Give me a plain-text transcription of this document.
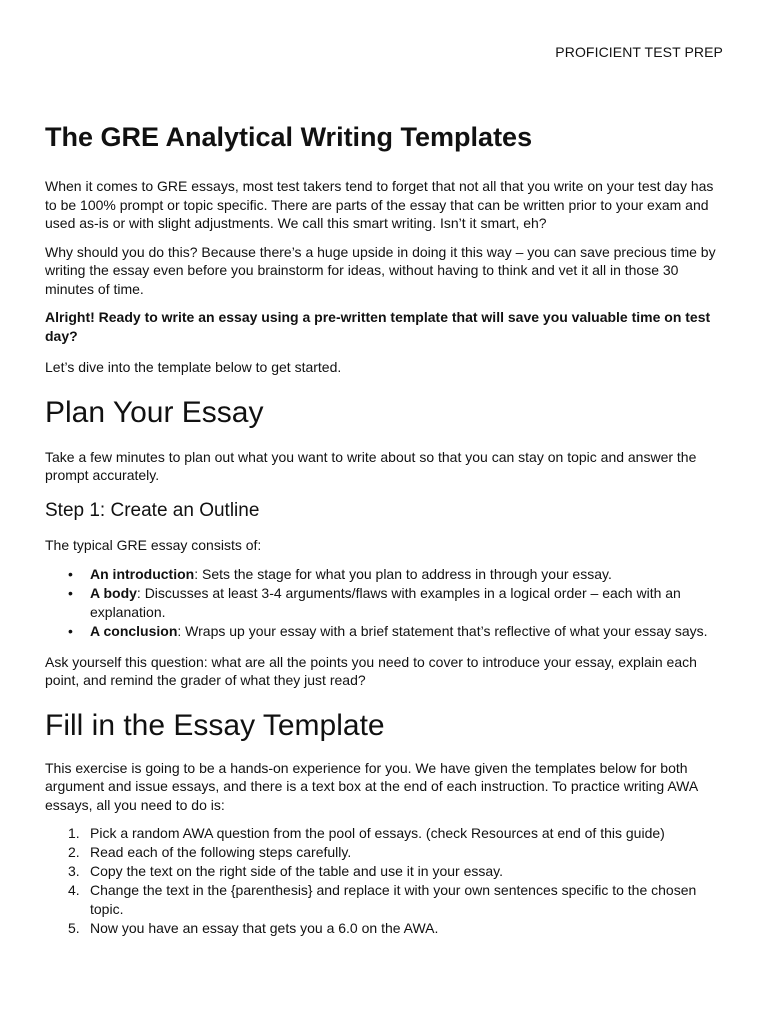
PROFICIENT TEST PREP
The GRE Analytical Writing Templates

When it comes to GRE essays, most test takers tend to forget that not all that you write on your test day has to be 100% prompt or topic specific. There are parts of the essay that can be written prior to your exam and used as-is or with slight adjustments. We call this smart writing. Isn’t it smart, eh?

Why should you do this? Because there’s a huge upside in doing it this way – you can save precious time by writing the essay even before you brainstorm for ideas, without having to think and vet it all in those 30 minutes of time.

Alright! Ready to write an essay using a pre-written template that will save you valuable time on test day?

Let’s dive into the template below to get started.

Plan Your Essay

Take a few minutes to plan out what you want to write about so that you can stay on topic and answer the prompt accurately.

Step 1: Create an Outline

The typical GRE essay consists of:

• An introduction: Sets the stage for what you plan to address in through your essay.
• A body: Discusses at least 3-4 arguments/flaws with examples in a logical order – each with an explanation.
• A conclusion: Wraps up your essay with a brief statement that’s reflective of what your essay says.

Ask yourself this question: what are all the points you need to cover to introduce your essay, explain each point, and remind the grader of what they just read?

Fill in the Essay Template

This exercise is going to be a hands-on experience for you. We have given the templates below for both argument and issue essays, and there is a text box at the end of each instruction. To practice writing AWA essays, all you need to do is:

1. Pick a random AWA question from the pool of essays. (check Resources at end of this guide)
2. Read each of the following steps carefully.
3. Copy the text on the right side of the table and use it in your essay.
4. Change the text in the {parenthesis} and replace it with your own sentences specific to the chosen topic.
5. Now you have an essay that gets you a 6.0 on the AWA.
